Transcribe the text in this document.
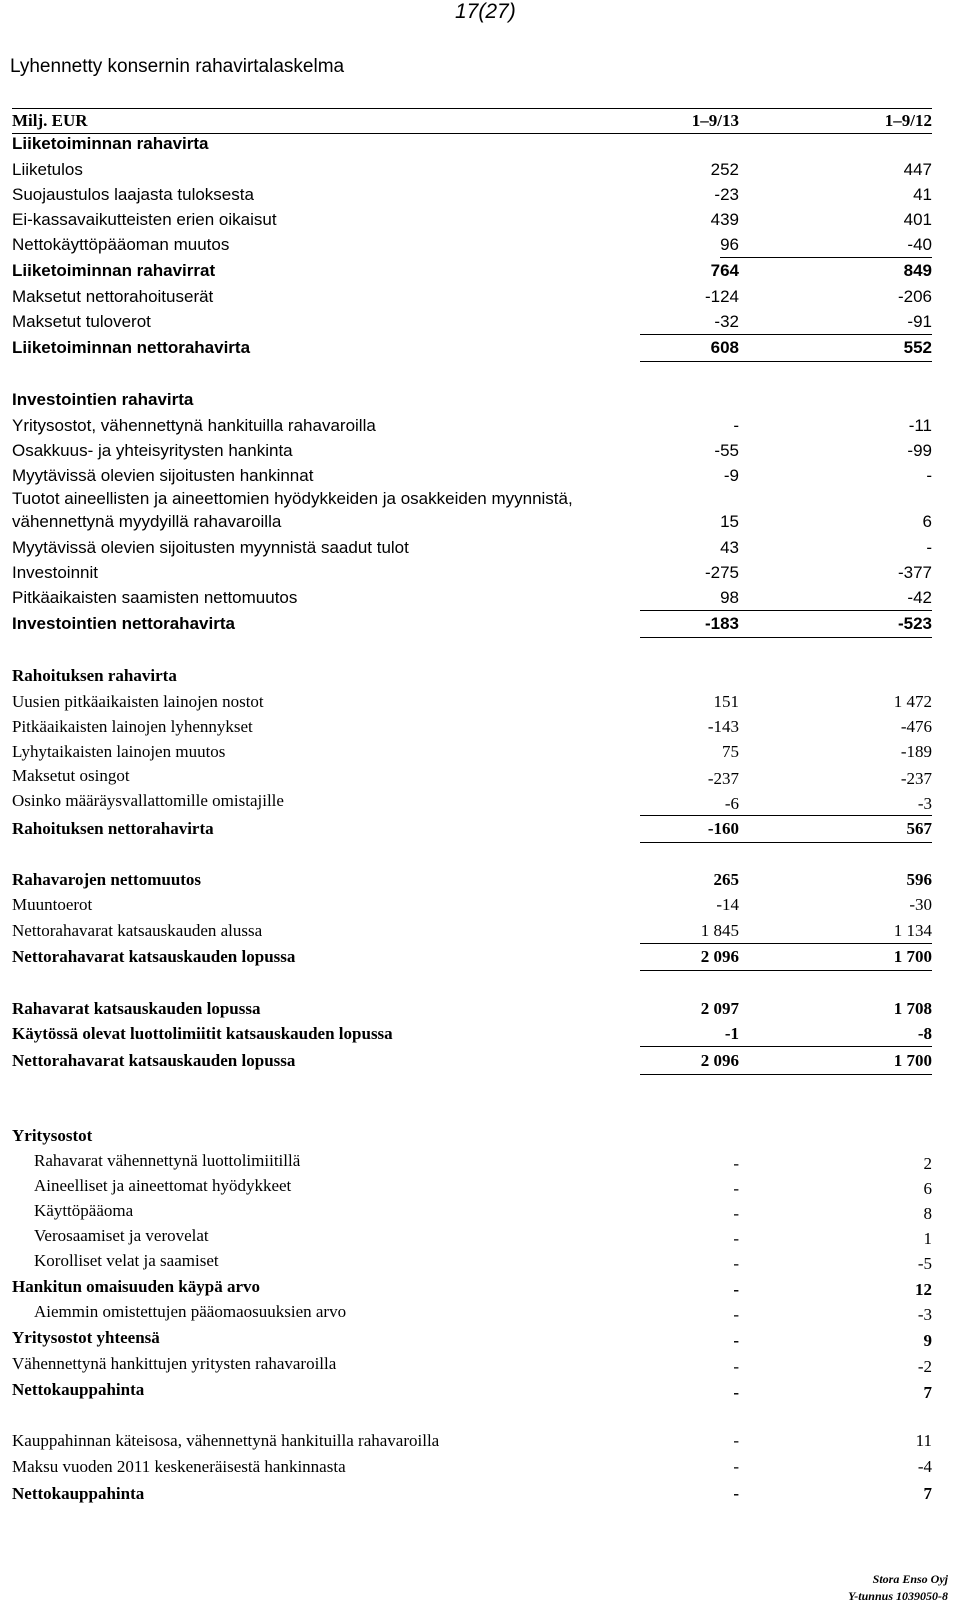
17(27)
Lyhennetty konsernin rahavirtalaskelma
Milj. EUR	1–9/13	1–9/12
Liiketoiminnan rahavirta
Liiketulos	252	447
Suojaustulos laajasta tuloksesta	-23	41
Ei-kassavaikutteisten erien oikaisut	439	401
Nettokäyttöpääoman muutos	96	-40
Liiketoiminnan rahavirrat	764	849
Maksetut nettorahoituserät	-124	-206
Maksetut tuloverot	-32	-91
Liiketoiminnan nettorahavirta	608	552
Investointien rahavirta
Yritysostot, vähennettynä hankituilla rahavaroilla	-	-11
Osakkuus- ja yhteisyritysten hankinta	-55	-99
Myytävissä olevien sijoitusten hankinnat	-9	-
Tuotot aineellisten ja aineettomien hyödykkeiden ja osakkeiden myynnistä,
vähennettynä myydyillä rahavaroilla	15	6
Myytävissä olevien sijoitusten myynnistä saadut tulot	43	-
Investoinnit	-275	-377
Pitkäaikaisten saamisten nettomuutos	98	-42
Investointien nettorahavirta	-183	-523
Rahoituksen rahavirta
Uusien pitkäaikaisten lainojen nostot	151	1 472
Pitkäaikaisten lainojen lyhennykset	-143	-476
Lyhytaikaisten lainojen muutos	75	-189
Maksetut osingot	-237	-237
Osinko määräysvallattomille omistajille	-6	-3
Rahoituksen nettorahavirta	-160	567
Rahavarojen nettomuutos	265	596
Muuntoerot	-14	-30
Nettorahavarat katsauskauden alussa	1 845	1 134
Nettorahavarat katsauskauden lopussa	2 096	1 700
Rahavarat katsauskauden lopussa	2 097	1 708
Käytössä olevat luottolimiitit katsauskauden lopussa	-1	-8
Nettorahavarat katsauskauden lopussa	2 096	1 700
Yritysostot
Rahavarat vähennettynä luottolimiitillä	-	2
Aineelliset ja aineettomat hyödykkeet	-	6
Käyttöpääoma	-	8
Verosaamiset ja verovelat	-	1
Korolliset velat ja saamiset	-	-5
Hankitun omaisuuden käypä arvo	-	12
Aiemmin omistettujen pääomaosuuksien arvo	-	-3
Yritysostot yhteensä	-	9
Vähennettynä hankittujen yritysten rahavaroilla	-	-2
Nettokauppahinta	-	7
Kauppahinnan käteisosa, vähennettynä hankituilla rahavaroilla	-	11
Maksu vuoden 2011 keskeneräisestä hankinnasta	-	-4
Nettokauppahinta	-	7
Stora Enso Oyj
Y-tunnus 1039050-8
